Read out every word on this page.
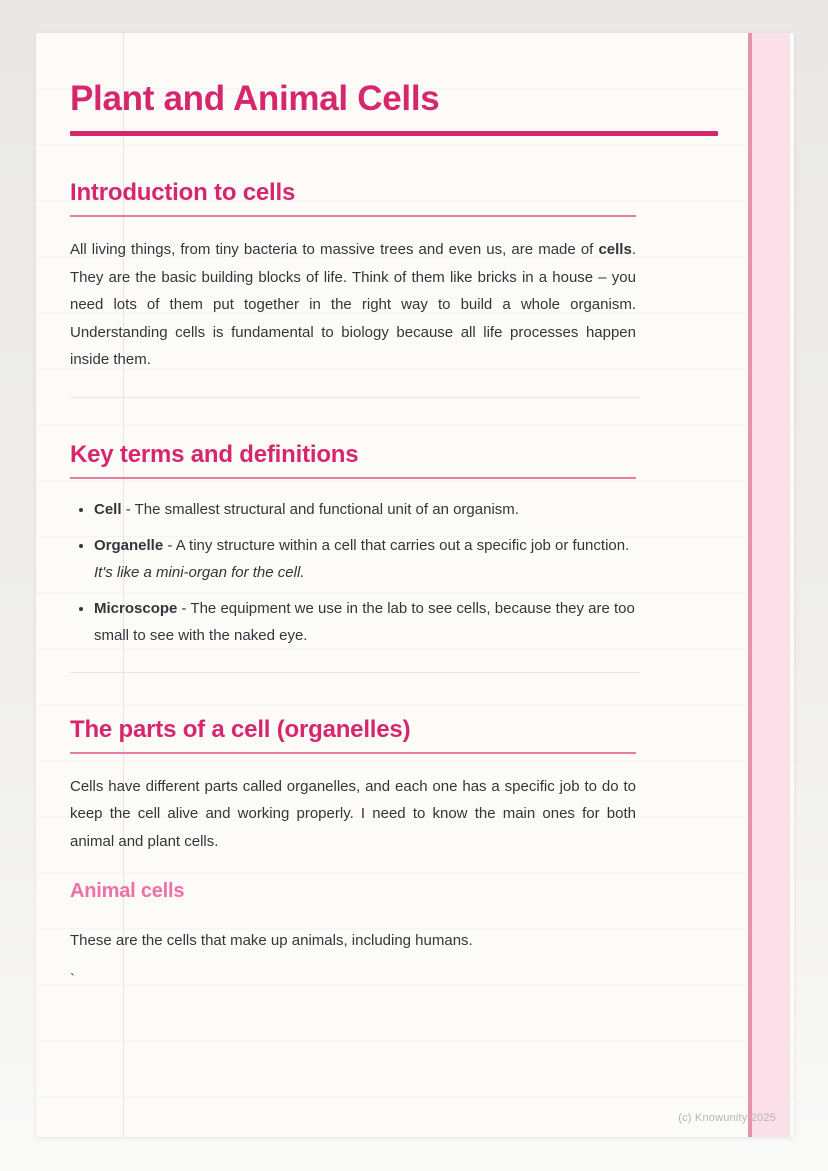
Plant and Animal Cells
Introduction to cells

All living things, from tiny bacteria to massive trees and even us, are made of cells. They are the basic building blocks of life. Think of them like bricks in a house – you need lots of them put together in the right way to build a whole organism. Understanding cells is fundamental to biology because all life processes happen inside them.

Key terms and definitions
• Cell - The smallest structural and functional unit of an organism.
• Organelle - A tiny structure within a cell that carries out a specific job or function. It's like a mini-organ for the cell.
• Microscope - The equipment we use in the lab to see cells, because they are too small to see with the naked eye.
The parts of a cell (organelles)

Cells have different parts called organelles, and each one has a specific job to do to keep the cell alive and working properly. I need to know the main ones for both animal and plant cells.

Animal cells

These are the cells that make up animals, including humans.

`

(c) Knowunity 2025
